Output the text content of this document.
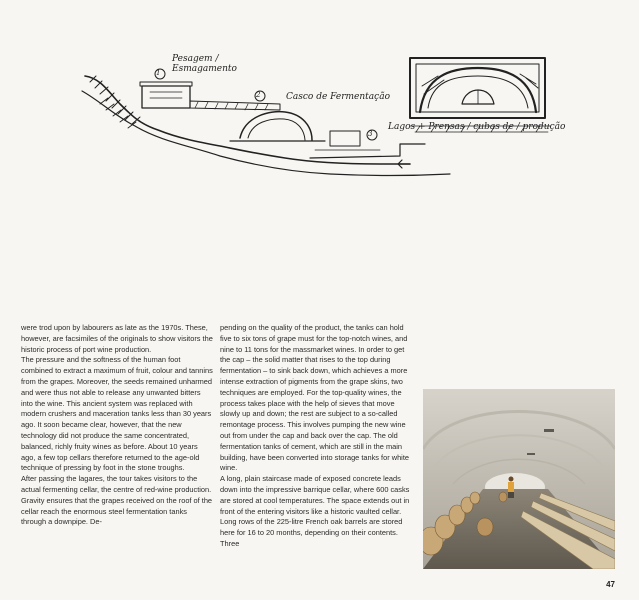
1
2
3
Pesagem / Esmagamento
Casco de Fermentação
Lagos + Prensas / cubas de / produção

were trod upon by labourers as late as the 1970s. These, however, are facsimiles of the originals to show visitors the historic process of port wine production.

The pressure and the softness of the human foot combined to extract a maximum of fruit, colour and tannins from the grapes. Moreover, the seeds remained unharmed and were thus not able to release any unwanted bitters into the wine. This ancient system was replaced with modern crushers and maceration tanks less than 30 years ago. It soon became clear, however, that the new technology did not produce the same concentrated, balanced, richly fruity wines as before. About 10 years ago, a few top cellars therefore returned to the age-old technique of pressing by foot in the stone troughs.

After passing the lagares, the tour takes visitors to the actual fermenting cellar, the centre of red-wine production. Gravity ensures that the grapes received on the roof of the cellar reach the enormous steel fermentation tanks through a downpipe. De-

pending on the quality of the product, the tanks can hold five to six tons of grape must for the top-notch wines, and nine to 11 tons for the massmarket wines. In order to get the cap – the solid matter that rises to the top during fermentation – to sink back down, which achieves a more intense extraction of pigments from the grape skins, two techniques are employed. For the top-quality wines, the process takes place with the help of sieves that move slowly up and down; the rest are subject to a so-called remontage process. This involves pumping the new wine out from under the cap and back over the cap. The old fermentation tanks of cement, which are still in the main building, have been converted into storage tanks for white wine.

A long, plain staircase made of exposed concrete leads down into the impressive barrique cellar, where 600 casks are stored at cool temperatures. The space extends out in front of the entering visitors like a historic vaulted cellar. Long rows of the 225-litre French oak barrels are stored here for 16 to 20 months, depending on their contents. Three

47
